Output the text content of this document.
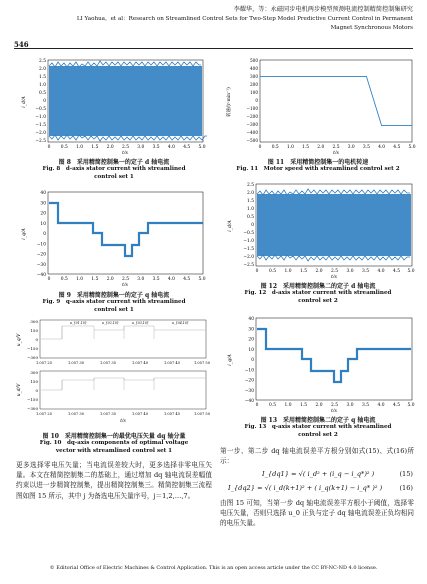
李耀华，等：永磁同步电机两步模型预测电流控制精简控制集研究
LI Yaohua，et al：Research on Streamlined Control Sets for Two-Step Model Predictive Current Control in Permanent
Magnet Synchronous Motors
546
2.5
2.0
1.5
1.0
0.5
0
−0.5
−1.0
−1.5
−2.0
−2.5
0 0.5 1.0 1.5 2.0 2.5 3.0 3.5 4.0 4.5 5.0
t/s
i_d/A
图 8　采用精简控制集一的定子 d 轴电流
Fig. 8　d-axis stator current with streamlined
control set 1
40
30
20
10
0
−10
−20
−30
−40
0 0.5 1.0 1.5 2.0 2.5 3.0 3.5 4.0 4.5 5.0
t/s
i_q/A
图 9　采用精简控制集一的定子 q 轴电流
Fig. 9　q-axis stator current with streamlined
control set 1
300
150
0
−150
−300
u_{01,10}	u_{02,10}	u_{03,10}	u_{04,10}
u_q/V
1.057 25	1.057 30	1.057 35	1.057 40	1.057 45	1.057 50
300
150
0
−150
−300
u_d/V
1.057 25	1.057 30	1.057 35	1.057 40	1.057 45	1.057 50
t/s
图 10　采用精简控制集一的最优电压矢量 dq 轴分量
Fig. 10　dq-axis components of optimal voltage
vector with streamlined control set 1
更多选择零电压矢量；当电流误差较大时，更多选择非零电压矢量。本文在精简控制集二的基础上，通过增加 dq 轴电流误差幅值约束以进一步精简控制集，提出精简控制集三。精简控制集三流程图如图 15 所示，其中 j 为备选电压矢量序号，j＝1,2,…,7。
500
400
300
200
100
0
−100
−200
−300
−400
−500
0 0.5 1.0 1.5 2.0 2.5 3.0 3.5 4.0 4.5 5.0
t/s
转速/(r·min⁻¹)
图 11　采用精简控制集一的电机转速
Fig. 11　Motor speed with streamlined control set 2
2.5
2.0
1.5
1.0
0.5
0
−0.5
−1.0
−1.5
−2.0
−2.5
0 0.5 1.0 1.5 2.0 2.5 3.0 3.5 4.0 4.5 5.0
t/s
i_d/A
图 12　采用精简控制集二的定子 d 轴电流
Fig. 12　d-axis stator current with streamlined
control set 2
40
30
20
10
0
−10
−20
−30
−40
0 0.5 1.0 1.5 2.0 2.5 3.0 3.5 4.0 4.5 5.0
t/s
i_q/A
图 13　采用精简控制集二的定子 q 轴电流
Fig. 13　q-axis stator current with streamlined
control set 2
第一步、第二步 dq 轴电流误差平方根分别如式(15)、式(16)所示：
I_{dq1} = √( i_d² + (i_q − i_q*)² )	(15)
I_{dq2} = √( i_d(k+1)² + ( i_q(k+1) − i_q* )² )	(16)
由图 15 可知，当第一步 dq 轴电流误差平方根小于阈值，选择零电压矢量，否则只选择 u_0 正负与定子 dq 轴电流误差正负均相同的电压矢量。
© Editorial Office of Electric Machines & Control Application. This is an open access article under the CC BY-NC-ND 4.0 license.
